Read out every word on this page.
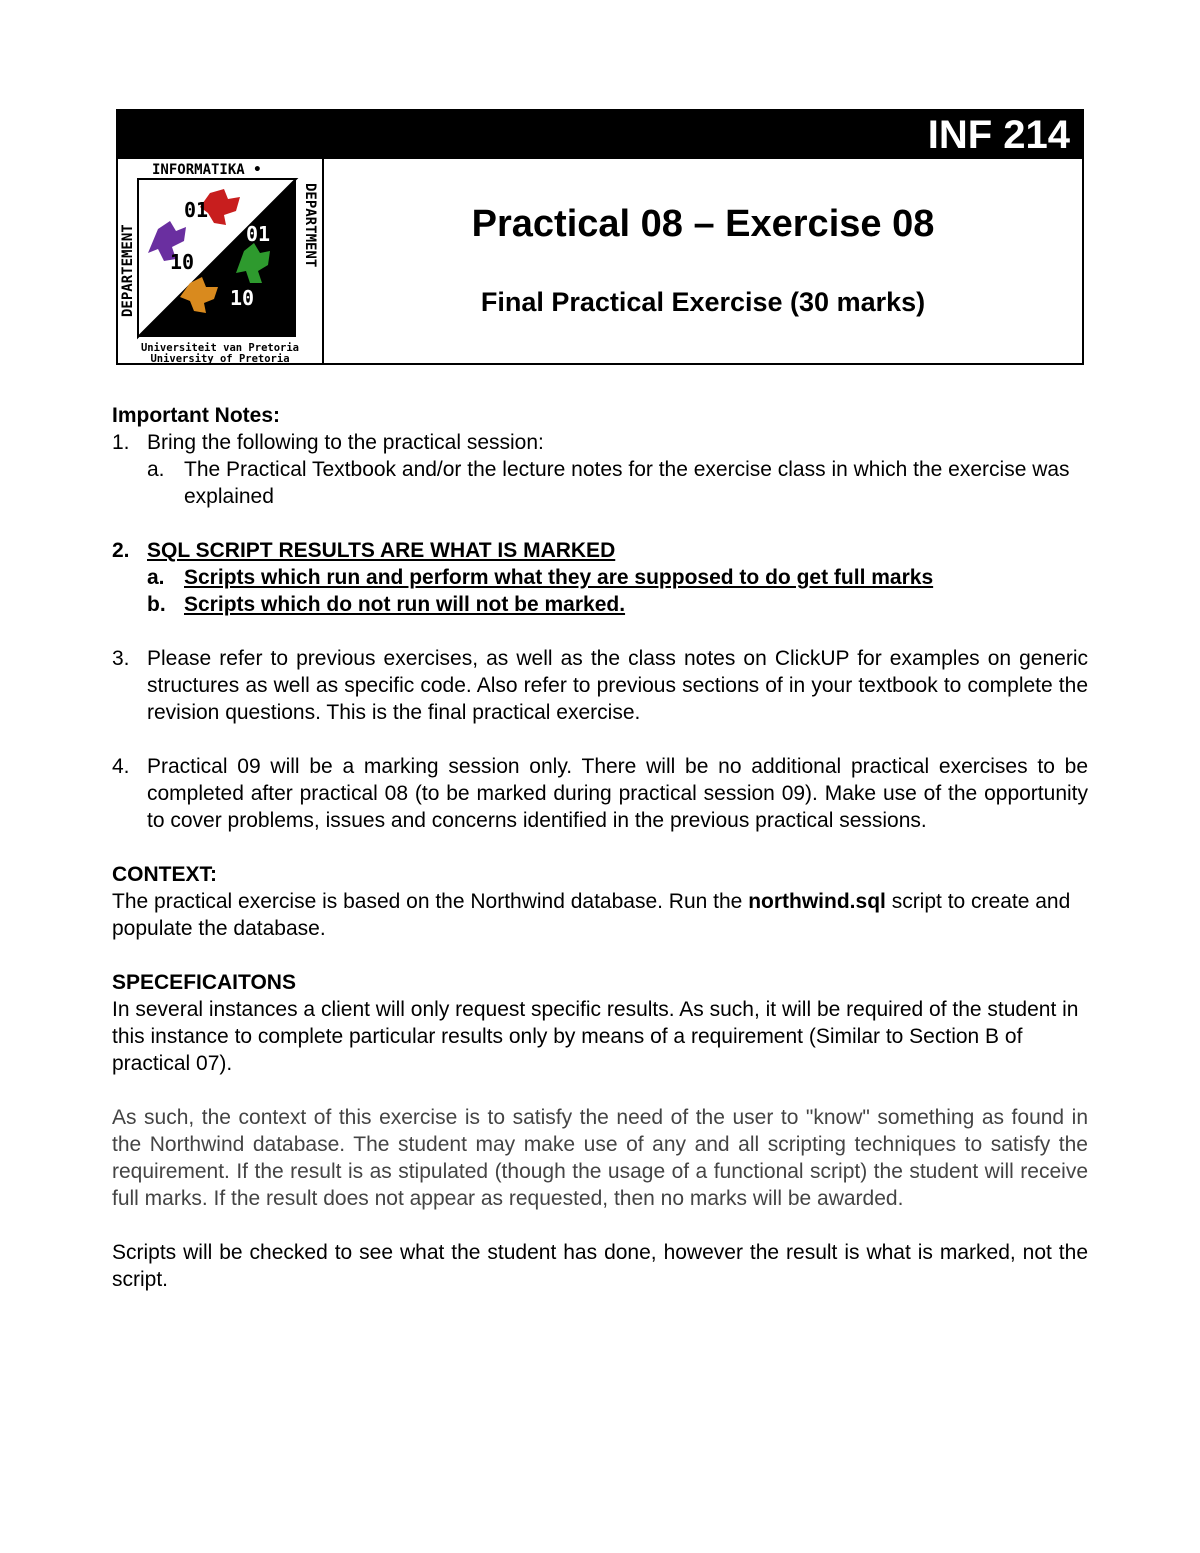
INF 214
01
10
01
10
INFORMATIKA •
• INFORMATICS
DEPARTEMENT	DEPARTMENT
Universiteit van Pretoria
University of Pretoria
Practical 08 – Exercise 08
Final Practical Exercise (30 marks)

Important Notes:

1. Bring the following to the practical session:
a. The Practical Textbook and/or the lecture notes for the exercise class in which the exercise was explained
2. SQL SCRIPT RESULTS ARE WHAT IS MARKED
a. Scripts which run and perform what they are supposed to do get full marks
b. Scripts which do not run will not be marked.
3. Please refer to previous exercises, as well as the class notes on ClickUP for examples on generic structures as well as specific code. Also refer to previous sections of in your textbook to complete the revision questions. This is the final practical exercise.
4. Practical 09 will be a marking session only. There will be no additional practical exercises to be completed after practical 08 (to be marked during practical session 09). Make use of the opportunity to cover problems, issues and concerns identified in the previous practical sessions.

CONTEXT:

The practical exercise is based on the Northwind database. Run the northwind.sql script to create and populate the database.

SPECEFICAITONS

In several instances a client will only request specific results. As such, it will be required of the student in this instance to complete particular results only by means of a requirement (Similar to Section B of practical 07).

As such, the context of this exercise is to satisfy the need of the user to "know" something as found in the Northwind database. The student may make use of any and all scripting techniques to satisfy the requirement. If the result is as stipulated (though the usage of a functional script) the student will receive full marks. If the result does not appear as requested, then no marks will be awarded.

Scripts will be checked to see what the student has done, however the result is what is marked, not the script.
